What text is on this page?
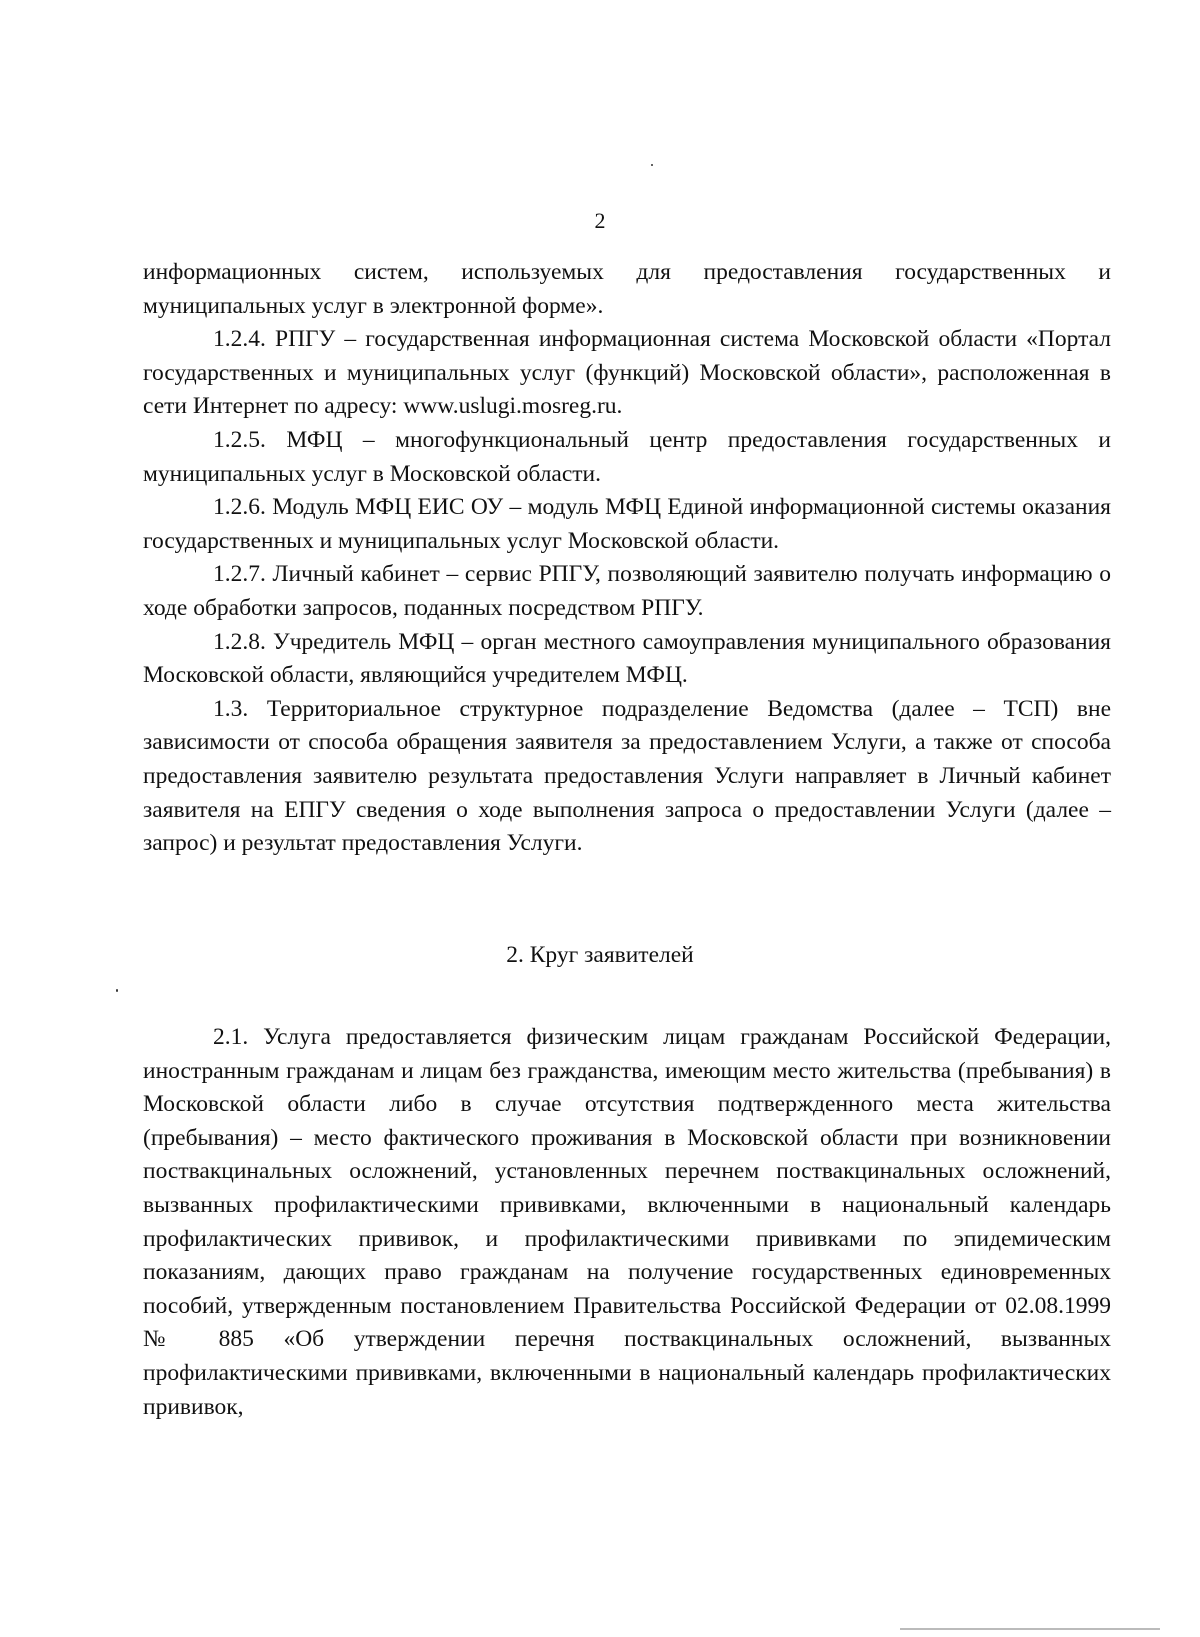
2

информационных систем, используемых для предоставления государственных и муниципальных услуг в электронной форме».

1.2.4. РПГУ – государственная информационная система Московской области «Портал государственных и муниципальных услуг (функций) Московской области», расположенная в сети Интернет по адресу: www.uslugi.mosreg.ru.

1.2.5. МФЦ – многофункциональный центр предоставления государственных и муниципальных услуг в Московской области.

1.2.6. Модуль МФЦ ЕИС ОУ – модуль МФЦ Единой информационной системы оказания государственных и муниципальных услуг Московской области.

1.2.7. Личный кабинет – сервис РПГУ, позволяющий заявителю получать информацию о ходе обработки запросов, поданных посредством РПГУ.

1.2.8. Учредитель МФЦ – орган местного самоуправления муниципального образования Московской области, являющийся учредителем МФЦ.

1.3. Территориальное структурное подразделение Ведомства (далее – ТСП) вне зависимости от способа обращения заявителя за предоставлением Услуги, а также от способа предоставления заявителю результата предоставления Услуги направляет в Личный кабинет заявителя на ЕПГУ сведения о ходе выполнения запроса о предоставлении Услуги (далее – запрос) и результат предоставления Услуги.

2. Круг заявителей

2.1. Услуга предоставляется физическим лицам гражданам Российской Федерации, иностранным гражданам и лицам без гражданства, имеющим место жительства (пребывания) в Московской области либо в случае отсутствия подтвержденного места жительства (пребывания) – место фактического проживания в Московской области при возникновении поствакцинальных осложнений, установленных перечнем поствакцинальных осложнений, вызванных профилактическими прививками, включенными в национальный календарь профилактических прививок, и профилактическими прививками по эпидемическим показаниям, дающих право гражданам на получение государственных единовременных пособий, утвержденным постановлением Правительства Российской Федерации от 02.08.1999 № 885 «Об утверждении перечня поствакцинальных осложнений, вызванных профилактическими прививками, включенными в национальный календарь профилактических прививок,
